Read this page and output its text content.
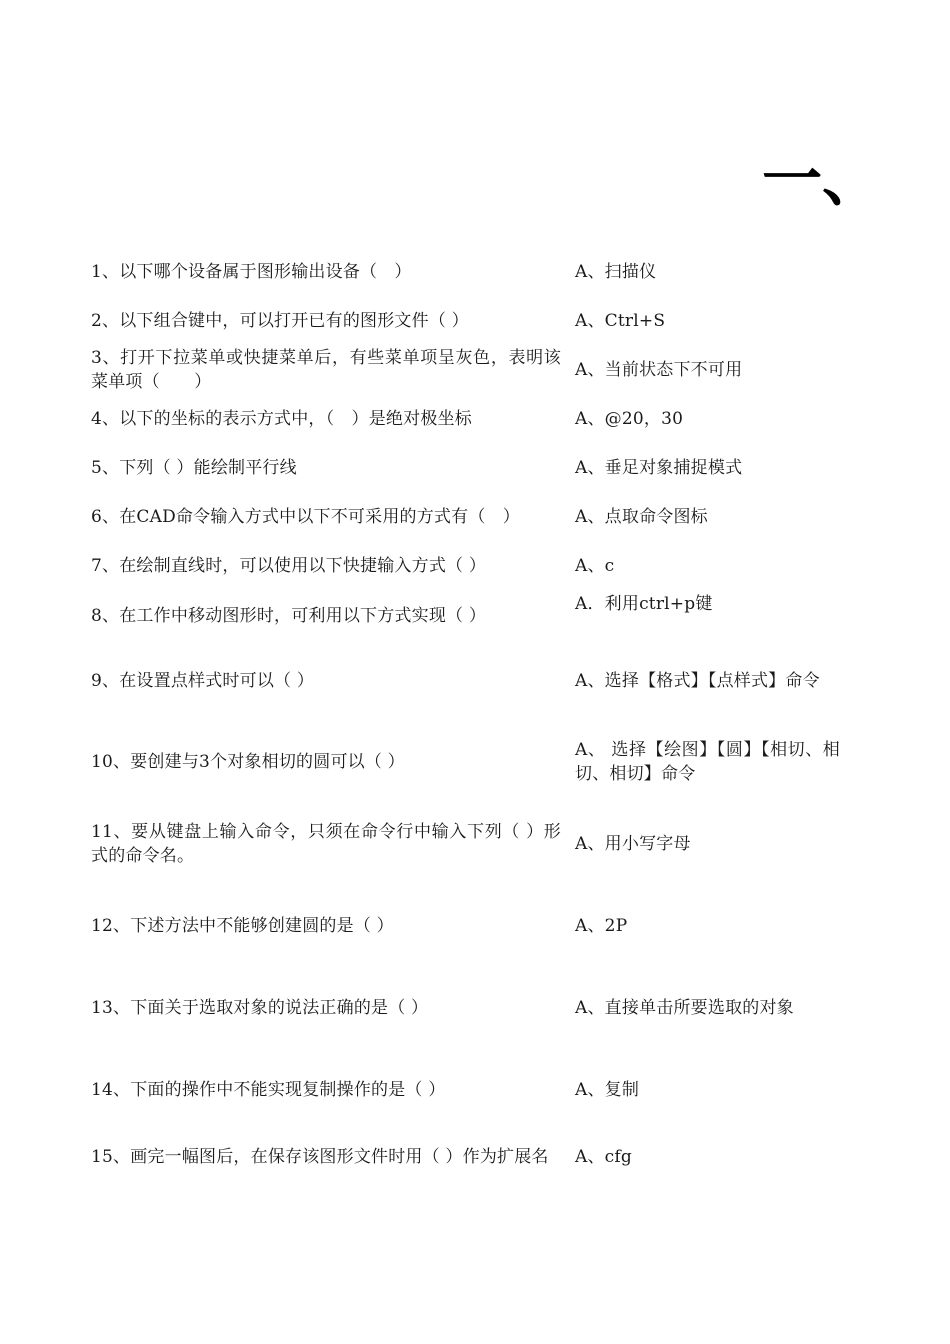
一、
1、以下哪个设备属于图形输出设备（　）	A、扫描仪
2、以下组合键中，可以打开已有的图形文件（ ）	A、Ctrl+S
3、打开下拉菜单或快捷菜单后，有些菜单项呈灰色，表明该菜单项（　　）
A、当前状态下不可用
4、以下的坐标的表示方式中，（　）是绝对极坐标	A、@20，30
5、下列（ ）能绘制平行线	A、垂足对象捕捉模式
6、在CAD命令输入方式中以下不可采用的方式有（　）	A、点取命令图标
7、在绘制直线时，可以使用以下快捷输入方式（ ）	A、c
8、在工作中移动图形时，可利用以下方式实现（ ）
A．利用ctrl+p键
9、在设置点样式时可以（ ）	A、选择【格式】【点样式】命令
10、要创建与3个对象相切的圆可以（ ）
A、 选择【绘图】【圆】【相切、相切、相切】命令
11、要从键盘上输入命令，只须在命令行中输入下列（ ）形式的命令名。
A、用小写字母
12、下述方法中不能够创建圆的是（ ）	A、2P
13、下面关于选取对象的说法正确的是（ ）	A、直接单击所要选取的对象
14、下面的操作中不能实现复制操作的是（ ）	A、复制
15、画完一幅图后，在保存该图形文件时用（ ）作为扩展名 A、cfg
